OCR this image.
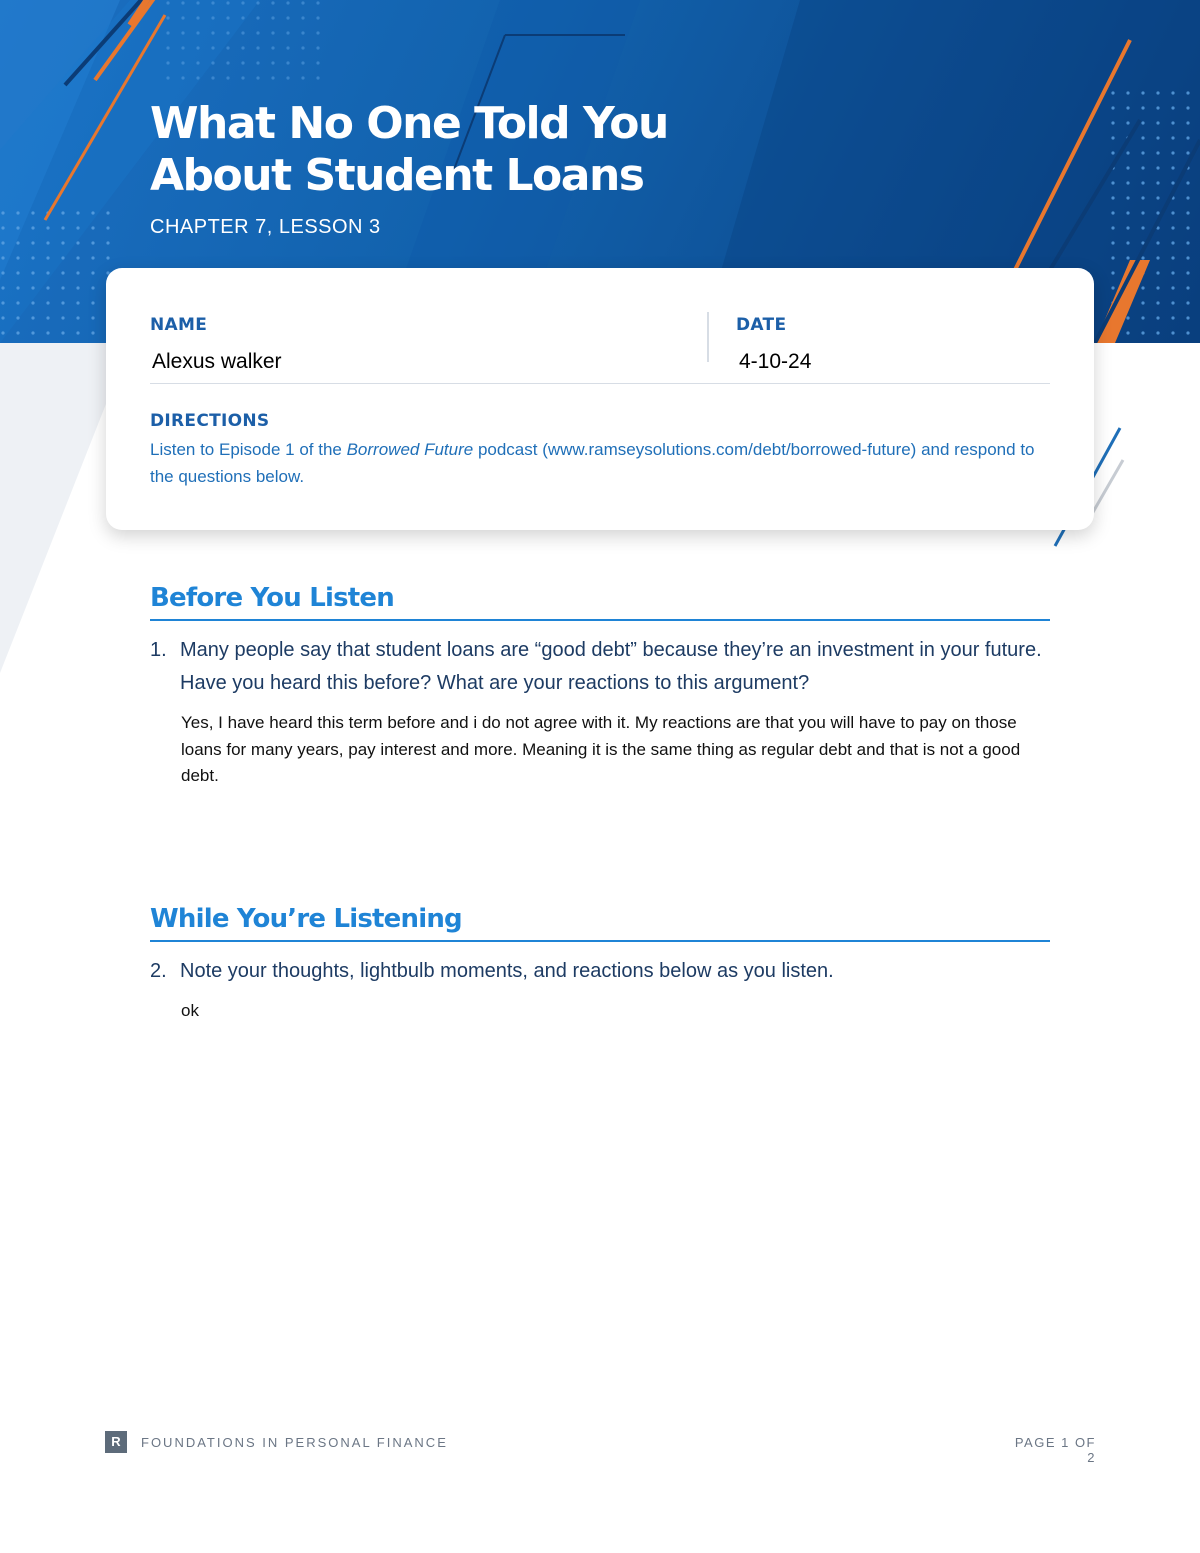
What No One Told You
About Student Loans
CHAPTER 7, LESSON 3
NAME
Alexus walker
DATE
4-10-24
DIRECTIONS
Listen to Episode 1 of the Borrowed Future podcast (www.ramseysolutions.com/debt/borrowed-future) and respond to the questions below.
Before You Listen
1. Many people say that student loans are “good debt” because they’re an investment in your future. Have you heard this before? What are your reactions to this argument?
Yes, I have heard this term before and i do not agree with it. My reactions are that you will have to pay on those loans for many years, pay interest and more. Meaning it is the same thing as regular debt and that is not a good debt.
While You’re Listening
2. Note your thoughts, lightbulb moments, and reactions below as you listen.
ok
R	FOUNDATIONS IN PERSONAL FINANCE	PAGE 1 OF 2
